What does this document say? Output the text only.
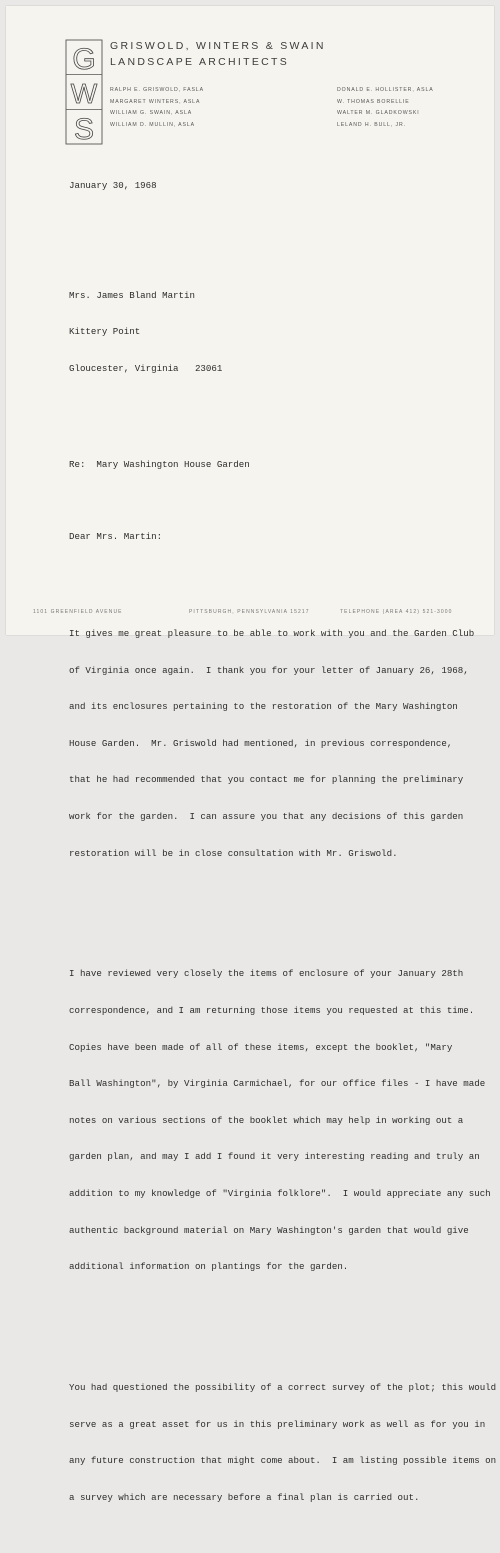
G
W
S
GRISWOLD, WINTERS & SWAIN
LANDSCAPE ARCHITECTS
RALPH E. GRISWOLD, FASLA
MARGARET WINTERS, ASLA
WILLIAM G. SWAIN, ASLA
WILLIAM D. MULLIN, ASLA
DONALD E. HOLLISTER, ASLA
W. THOMAS BORELLIE
WALTER M. GLADKOWSKI
LELAND H. BULL, JR.

January 30, 1968

Mrs. James Bland Martin

Kittery Point

Gloucester, Virginia   23061

Re:  Mary Washington House Garden

Dear Mrs. Martin:

It gives me great pleasure to be able to work with you and the Garden Club

of Virginia once again.  I thank you for your letter of January 26, 1968,

and its enclosures pertaining to the restoration of the Mary Washington

House Garden.  Mr. Griswold had mentioned, in previous correspondence,

that he had recommended that you contact me for planning the preliminary

work for the garden.  I can assure you that any decisions of this garden

restoration will be in close consultation with Mr. Griswold.

I have reviewed very closely the items of enclosure of your January 28th

correspondence, and I am returning those items you requested at this time.

Copies have been made of all of these items, except the booklet, "Mary

Ball Washington", by Virginia Carmichael, for our office files - I have made

notes on various sections of the booklet which may help in working out a

garden plan, and may I add I found it very interesting reading and truly an

addition to my knowledge of "Virginia folklore".  I would appreciate any such

authentic background material on Mary Washington's garden that would give

additional information on plantings for the garden.

You had questioned the possibility of a correct survey of the plot; this would

serve as a great asset for us in this preliminary work as well as for you in

any future construction that might come about.  I am listing possible items on

a survey which are necessary before a final plan is carried out.

1101 GREENFIELD AVENUE	PITTSBURGH, PENNSYLVANIA 15217	TELEPHONE (AREA 412) 521-3000
